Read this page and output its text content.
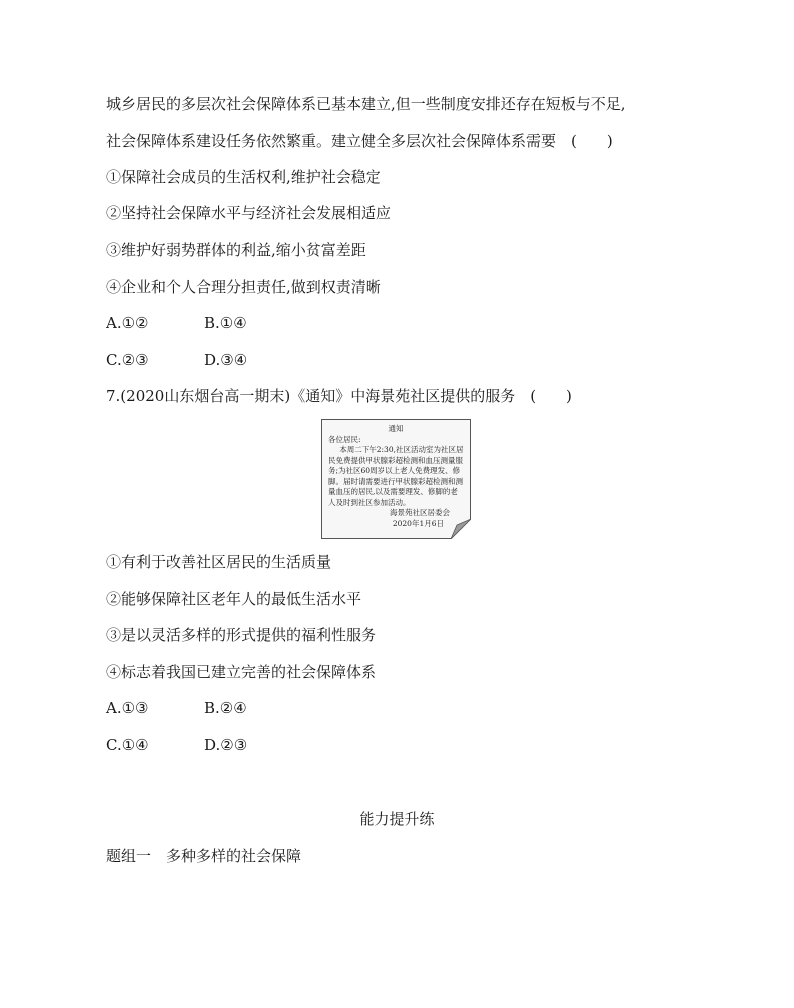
城乡居民的多层次社会保障体系已基本建立,但一些制度安排还存在短板与不足,
社会保障体系建设任务依然繁重。建立健全多层次社会保障体系需要　(　　)
①保障社会成员的生活权利,维护社会稳定
②坚持社会保障水平与经济社会发展相适应
③维护好弱势群体的利益,缩小贫富差距
④企业和个人合理分担责任,做到权责清晰
A.①②	B.①④
C.②③	D.③④
7.(2020山东烟台高一期末)《通知》中海景苑社区提供的服务　(　　)
通知
各位居民:
本周二下午2:30,社区活动室为社区居民免费提供甲状腺彩超检测和血压测量服务;为社区60周岁以上老人免费理发、修脚。届时请需要进行甲状腺彩超检测和测量血压的居民,以及需要理发、修脚的老人及时到社区参加活动。
海景苑社区居委会
2020年1月6日
①有利于改善社区居民的生活质量
②能够保障社区老年人的最低生活水平
③是以灵活多样的形式提供的福利性服务
④标志着我国已建立完善的社会保障体系
A.①③	B.②④
C.①④	D.②③
能力提升练
题组一　多种多样的社会保障
